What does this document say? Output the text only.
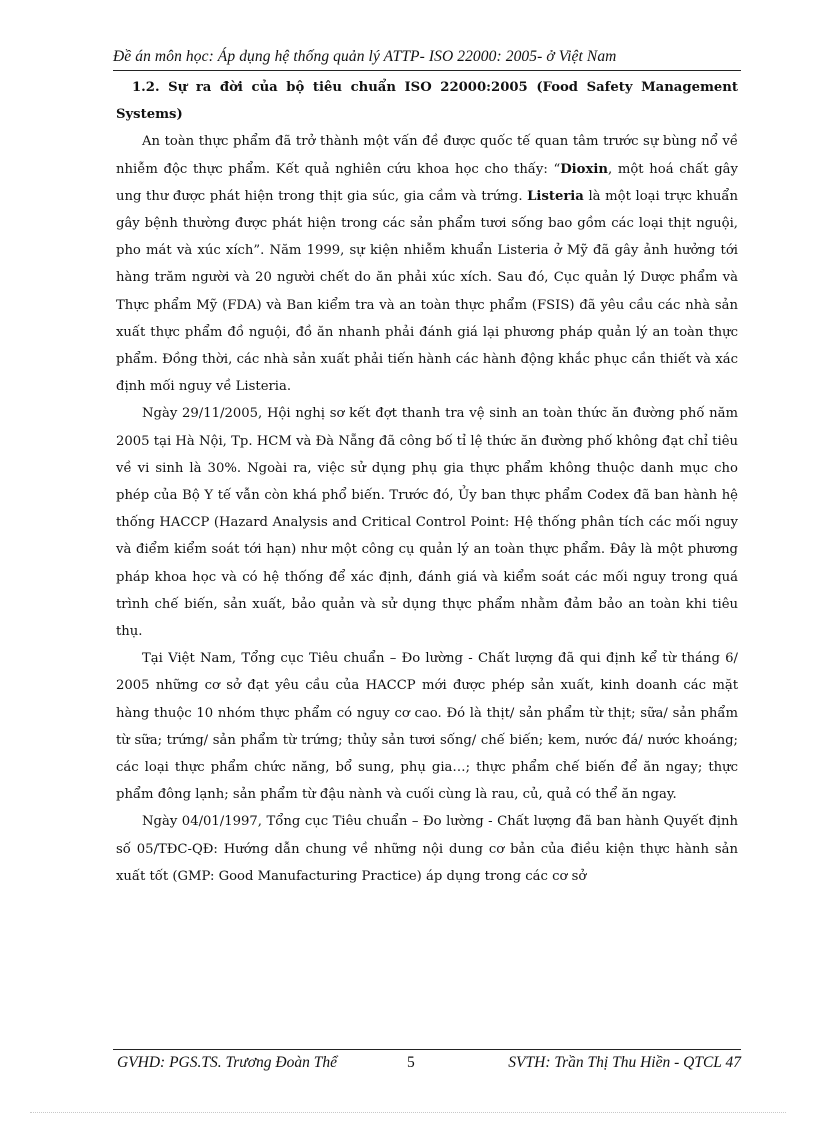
Đề án môn học: Áp dụng hệ thống quản lý ATTP- ISO 22000: 2005- ở Việt Nam

1.2. Sự ra đời của bộ tiêu chuẩn ISO 22000:2005 (Food Safety Management Systems)

An toàn thực phẩm đã trở thành một vấn đề được quốc tế quan tâm trước sự bùng nổ về nhiễm độc thực phẩm. Kết quả nghiên cứu khoa học cho thấy: “Dioxin, một hoá chất gây ung thư được phát hiện trong thịt gia súc, gia cầm và trứng. Listeria là một loại trực khuẩn gây bệnh thường được phát hiện trong các sản phẩm tươi sống bao gồm các loại thịt nguội, pho mát và xúc xích”. Năm 1999, sự kiện nhiễm khuẩn Listeria ở Mỹ đã gây ảnh hưởng tới hàng trăm người và 20 người chết do ăn phải xúc xích. Sau đó, Cục quản lý Dược phẩm và Thực phẩm Mỹ (FDA) và Ban kiểm tra và an toàn thực phẩm (FSIS) đã yêu cầu các nhà sản xuất thực phẩm đồ nguội, đồ ăn nhanh phải đánh giá lại phương pháp quản lý an toàn thực phẩm. Đồng thời, các nhà sản xuất phải tiến hành các hành động khắc phục cần thiết và xác định mối nguy về Listeria.

Ngày 29/11/2005, Hội nghị sơ kết đợt thanh tra vệ sinh an toàn thức ăn đường phố năm 2005 tại Hà Nội, Tp. HCM và Đà Nẵng đã công bố tỉ lệ thức ăn đường phố không đạt chỉ tiêu về vi sinh là 30%. Ngoài ra, việc sử dụng phụ gia thực phẩm không thuộc danh mục cho phép của Bộ Y tế vẫn còn khá phổ biến. Trước đó, Ủy ban thực phẩm Codex đã ban hành hệ thống HACCP (Hazard Analysis and Critical Control Point: Hệ thống phân tích các mối nguy và điểm kiểm soát tới hạn) như một công cụ quản lý an toàn thực phẩm. Đây là một phương pháp khoa học và có hệ thống để xác định, đánh giá và kiểm soát các mối nguy trong quá trình chế biến, sản xuất, bảo quản và sử dụng thực phẩm nhằm đảm bảo an toàn khi tiêu thụ.

Tại Việt Nam, Tổng cục Tiêu chuẩn – Đo lường - Chất lượng đã qui định kể từ tháng 6/ 2005 những cơ sở đạt yêu cầu của HACCP mới được phép sản xuất, kinh doanh các mặt hàng thuộc 10 nhóm thực phẩm có nguy cơ cao. Đó là thịt/ sản phẩm từ thịt; sữa/ sản phẩm từ sữa; trứng/ sản phẩm từ trứng; thủy sản tươi sống/ chế biến; kem, nước đá/ nước khoáng; các loại thực phẩm chức năng, bổ sung, phụ gia…; thực phẩm chế biến để ăn ngay; thực phẩm đông lạnh; sản phẩm từ đậu nành và cuối cùng là rau, củ, quả có thể ăn ngay.

Ngày 04/01/1997, Tổng cục Tiêu chuẩn – Đo lường - Chất lượng đã ban hành Quyết định số 05/TĐC-QĐ: Hướng dẫn chung về những nội dung cơ bản của điều kiện thực hành sản xuất tốt (GMP: Good Manufacturing Practice) áp dụng trong các cơ sở

GVHD: PGS.TS. Trương Đoàn Thể	5	SVTH: Trần Thị Thu Hiền - QTCL 47
